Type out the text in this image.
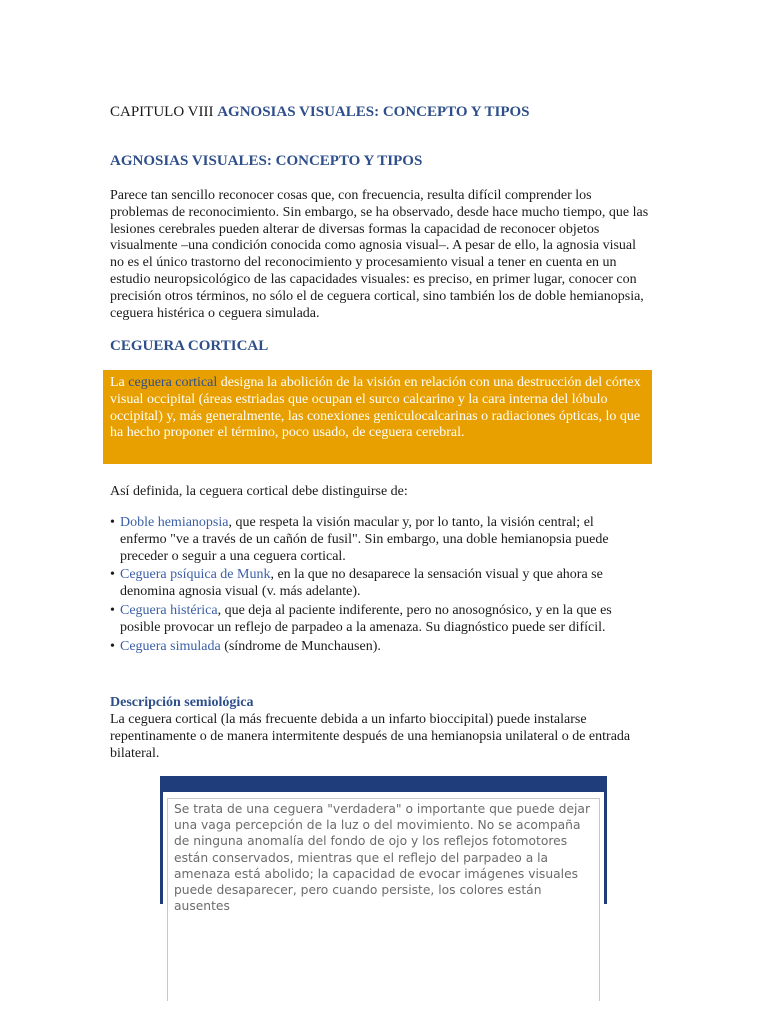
CAPITULO VIII AGNOSIAS VISUALES: CONCEPTO Y TIPOS
AGNOSIAS VISUALES: CONCEPTO Y TIPOS
Parece tan sencillo reconocer cosas que, con frecuencia, resulta difícil comprender los problemas de reconocimiento. Sin embargo, se ha observado, desde hace mucho tiempo, que las lesiones cerebrales pueden alterar de diversas formas la capacidad de reconocer objetos visualmente –una condición conocida como agnosia visual–. A pesar de ello, la agnosia visual no es el único trastorno del reconocimiento y procesamiento visual a tener en cuenta en un estudio neuropsicológico de las capacidades visuales: es preciso, en primer lugar, conocer con precisión otros términos, no sólo el de ceguera cortical, sino también los de doble hemianopsia, ceguera histérica o ceguera simulada.
CEGUERA CORTICAL
La ceguera cortical designa la abolición de la visión en relación con una destrucción del córtex visual occipital (áreas estriadas que ocupan el surco calcarino y la cara interna del lóbulo occipital) y, más generalmente, las conexiones geniculocalcarinas o radiaciones ópticas, lo que ha hecho proponer el término, poco usado, de ceguera cerebral.
Así definida, la ceguera cortical debe distinguirse de:
• Doble hemianopsia, que respeta la visión macular y, por lo tanto, la visión central; el enfermo "ve a través de un cañón de fusil". Sin embargo, una doble hemianopsia puede preceder o seguir a una ceguera cortical.
• Ceguera psíquica de Munk, en la que no desaparece la sensación visual y que ahora se denomina agnosia visual (v. más adelante).
• Ceguera histérica, que deja al paciente indiferente, pero no anosognósico, y en la que es posible provocar un reflejo de parpadeo a la amenaza. Su diagnóstico puede ser difícil.
• Ceguera simulada (síndrome de Munchausen).
Descripción semiológica
La ceguera cortical (la más frecuente debida a un infarto bioccipital) puede instalarse repentinamente o de manera intermitente después de una hemianopsia unilateral o de entrada bilateral.
Se trata de una ceguera "verdadera" o importante que puede dejar una vaga percepción de la luz o del movimiento. No se acompaña de ninguna anomalía del fondo de ojo y los reflejos fotomotores están conservados, mientras que el reflejo del parpadeo a la amenaza está abolido; la capacidad de evocar imágenes visuales puede desaparecer, pero cuando persiste, los colores están ausentes
